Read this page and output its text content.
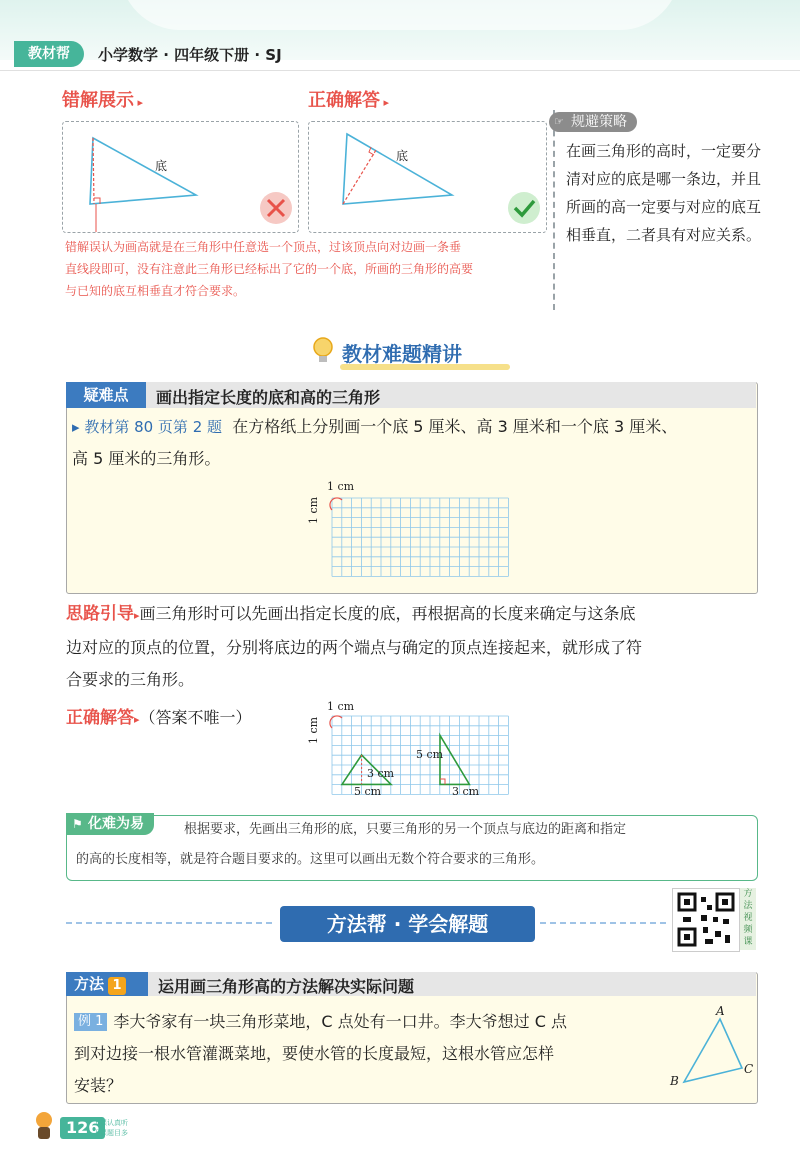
教材帮	小学数学 · 四年级下册 · SJ
错解展示 ▸
底
错解误认为画高就是在三角形中任意选一个顶点，过该顶点向对边画一条垂
直线段即可，没有注意此三角形已经标出了它的一个底，所画的三角形的高要
与已知的底互相垂直才符合要求。
正确解答 ▸
底
☞ 规避策略
在画三角形的高时，一定要分清对应的底是哪一条边，并且所画的高一定要与对应的底互相垂直，二者具有对应关系。
教材难题精讲
疑难点	画出指定长度的底和高的三角形
▸ 教材第 80 页第 2 题 在方格纸上分别画一个底 5 厘米、高 3 厘米和一个底 3 厘米、
高 5 厘米的三角形。
1 cm
1 cm
思路引导▸画三角形时可以先画出指定长度的底，再根据高的长度来确定与这条底
边对应的顶点的位置，分别将底边的两个端点与确定的顶点连接起来，就形成了符
合要求的三角形。
正确解答▸（答案不唯一）
1 cm
1 cm
3 cm
5 cm
5 cm
3 cm
⚑ 化难为易	根据要求，先画出三角形的底，只要三角形的另一个顶点与底边的距离和指定
的高的长度相等，就是符合题目要求的。这里可以画出无数个符合要求的三角形。
方法帮 · 学会解题
方法视频课
方法 1	运用画三角形高的方法解决实际问题
例 1 李大爷家有一块三角形菜地，C 点处有一口井。李大爷想过 C 点
到对边接一根水管灌溉菜地，要使水管的长度最短，这根水管应怎样
安装？
A
B
C
126
上课认真听 下课题目多
